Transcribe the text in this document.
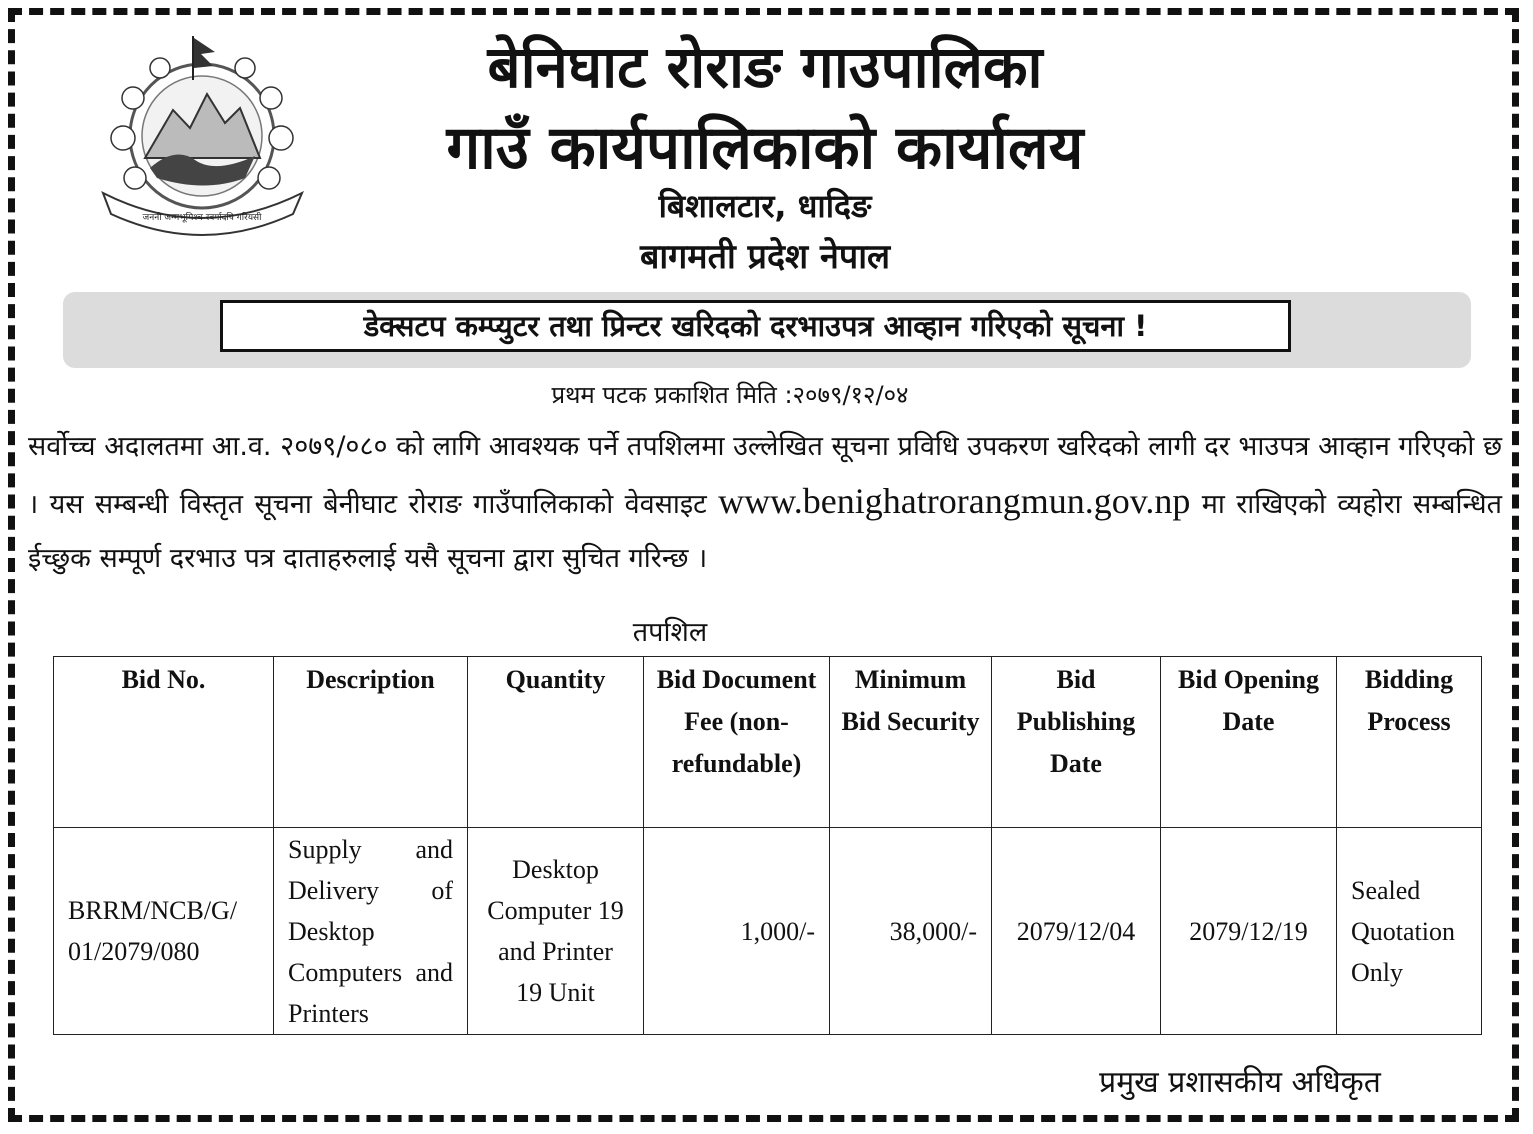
जननी जन्मभूमिश्च स्वर्गादपि गरियसी
बेनिघाट रोराङ गाउपालिका
गाउँ कार्यपालिकाको कार्यालय
बिशालटार, धादिङ
बागमती प्रदेश नेपाल
डेक्सटप कम्प्युटर तथा प्रिन्टर खरिदको दरभाउपत्र आव्हान गरिएको सूचना !
प्रथम पटक प्रकाशित मिति :२०७९/१२/०४
सर्वोच्च अदालतमा आ.व. २०७९/०८० को लागि आवश्यक पर्ने तपशिलमा उल्लेखित सूचना प्रविधि उपकरण खरिदको लागी दर भाउपत्र आव्हान गरिएको छ । यस सम्बन्धी विस्तृत सूचना बेनीघाट रोराङ गाउँपालिकाको वेवसाइट www.benighatrorangmun.gov.np मा राखिएको व्यहोरा सम्बन्धित ईच्छुक सम्पूर्ण दरभाउ पत्र दाताहरुलाई यसै सूचना द्वारा सुचित गरिन्छ ।
तपशिल
Bid No.	Description	Quantity	Bid Document Fee (non-refundable)	Minimum Bid Security	Bid Publishing Date	Bid Opening Date	Bidding Process
BRRM/NCB/G/ 01/2079/080	Supply and Delivery of Desktop Computers and Printers	Desktop Computer 19 and Printer 19 Unit	1,000/-	38,000/-	2079/12/04	2079/12/19	Sealed Quotation Only
प्रमुख प्रशासकीय अधिकृत
